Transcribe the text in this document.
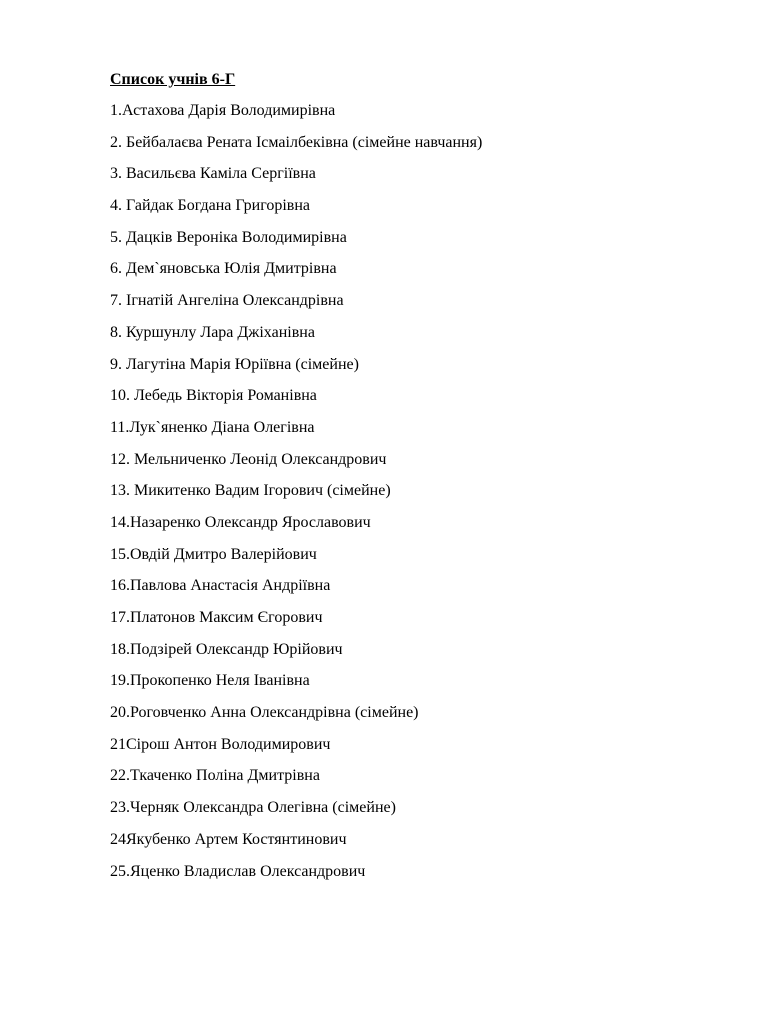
Список учнів 6-Г
1.Астахова Дарія Володимирівна
2. Бейбалаєва Рената Ісмаілбеківна (сімейне навчання)
3. Васильєва Каміла Сергіївна
4. Гайдак Богдана Григорівна
5. Дацків Вероніка Володимирівна
6. Дем`яновська Юлія Дмитрівна
7. Ігнатій Ангеліна Олександрівна
8. Куршунлу Лара Джіханівна
9. Лагутіна Марія Юріївна (сімейне)
10. Лебедь Вікторія Романівна
11.Лук`яненко Діана Олегівна
12. Мельниченко Леонід Олександрович
13. Микитенко Вадим Ігорович (сімейне)
14.Назаренко Олександр Ярославович
15.Овдій Дмитро Валерійович
16.Павлова Анастасія Андріївна
17.Платонов Максим Єгорович
18.Подзірей Олександр Юрійович
19.Прокопенко Неля Іванівна
20.Роговченко Анна Олександрівна (сімейне)
21Сірош Антон Володимирович
22.Ткаченко Поліна Дмитрівна
23.Черняк Олександра Олегівна (сімейне)
24Якубенко Артем Костянтинович
25.Яценко Владислав Олександрович
